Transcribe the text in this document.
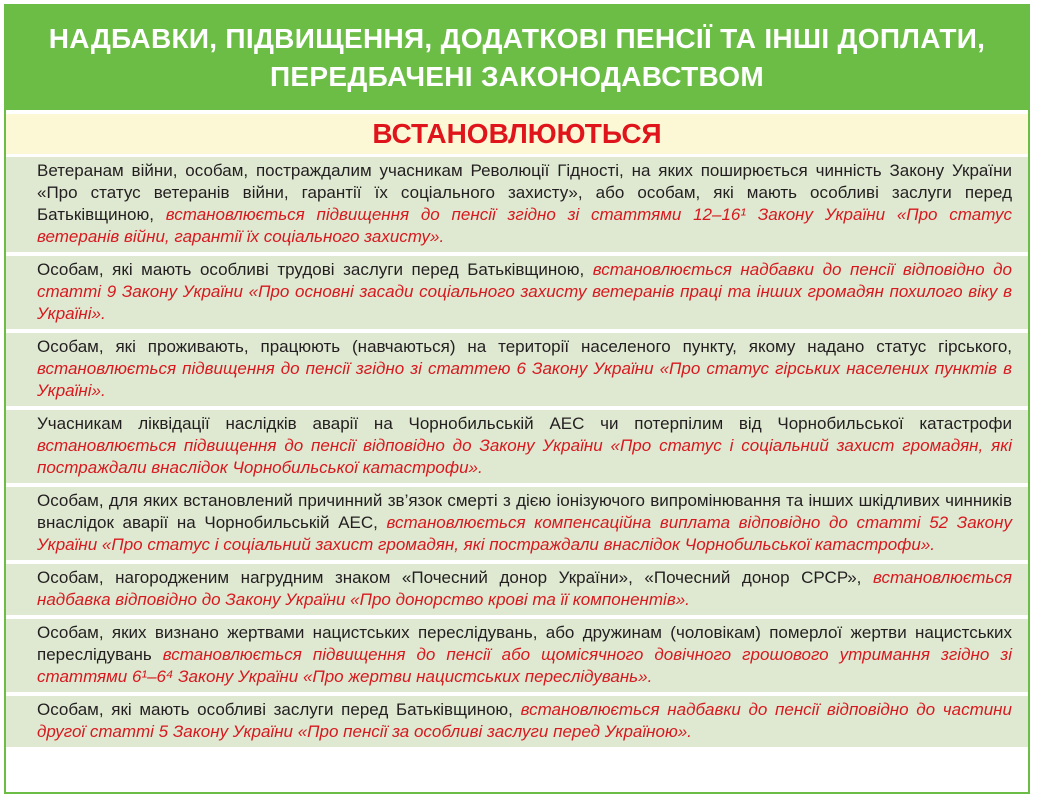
НАДБАВКИ, ПІДВИЩЕННЯ, ДОДАТКОВІ ПЕНСІЇ ТА ІНШІ ДОПЛАТИ,
ПЕРЕДБАЧЕНІ ЗАКОНОДАВСТВОМ
ВСТАНОВЛЮЮТЬСЯ
Ветеранам війни, особам, постраждалим учасникам Революції Гідності, на яких поширюється чинність Закону України «Про статус ветеранів війни, гарантії їх соціального захисту», або особам, які мають особливі заслуги перед Батьківщиною, встановлюється підвищення до пенсії згідно зі статтями 12–16¹ Закону України «Про статус ветеранів війни, гарантії їх соціального захисту».
Особам, які мають особливі трудові заслуги перед Батьківщиною, встановлюється надбавки до пенсії відповідно до статті 9 Закону України «Про основні засади соціального захисту ветеранів праці та інших громадян похилого віку в Україні».
Особам, які проживають, працюють (навчаються) на території населеного пункту, якому надано статус гірського, встановлюється підвищення до пенсії згідно зі статтею 6 Закону України «Про статус гірських населених пунктів в Україні».
Учасникам ліквідації наслідків аварії на Чорнобильській АЕС чи потерпілим від Чорнобильської катастрофи встановлюється підвищення до пенсії відповідно до Закону України «Про статус і соціальний захист громадян, які постраждали внаслідок Чорнобильської катастрофи».
Особам, для яких встановлений причинний зв’язок смерті з дією іонізуючого випромінювання та інших шкідливих чинників внаслідок аварії на Чорнобильській АЕС, встановлюється компенсаційна виплата відповідно до статті 52 Закону України «Про статус і соціальний захист громадян, які постраждали внаслідок Чорнобильської катастрофи».
Особам, нагородженим нагрудним знаком «Почесний донор України», «Почесний донор СРСР», встановлюється надбавка відповідно до Закону України «Про донорство крові та її компонентів».
Особам, яких визнано жертвами нацистських переслідувань, або дружинам (чоловікам) померлої жертви нацистських переслідувань встановлюється підвищення до пенсії або щомісячного довічного грошового утримання згідно зі статтями 6¹–6⁴ Закону України «Про жертви нацистських переслідувань».
Особам, які мають особливі заслуги перед Батьківщиною, встановлюється надбавки до пенсії відповідно до частини другої статті 5 Закону України «Про пенсії за особливі заслуги перед Україною».
